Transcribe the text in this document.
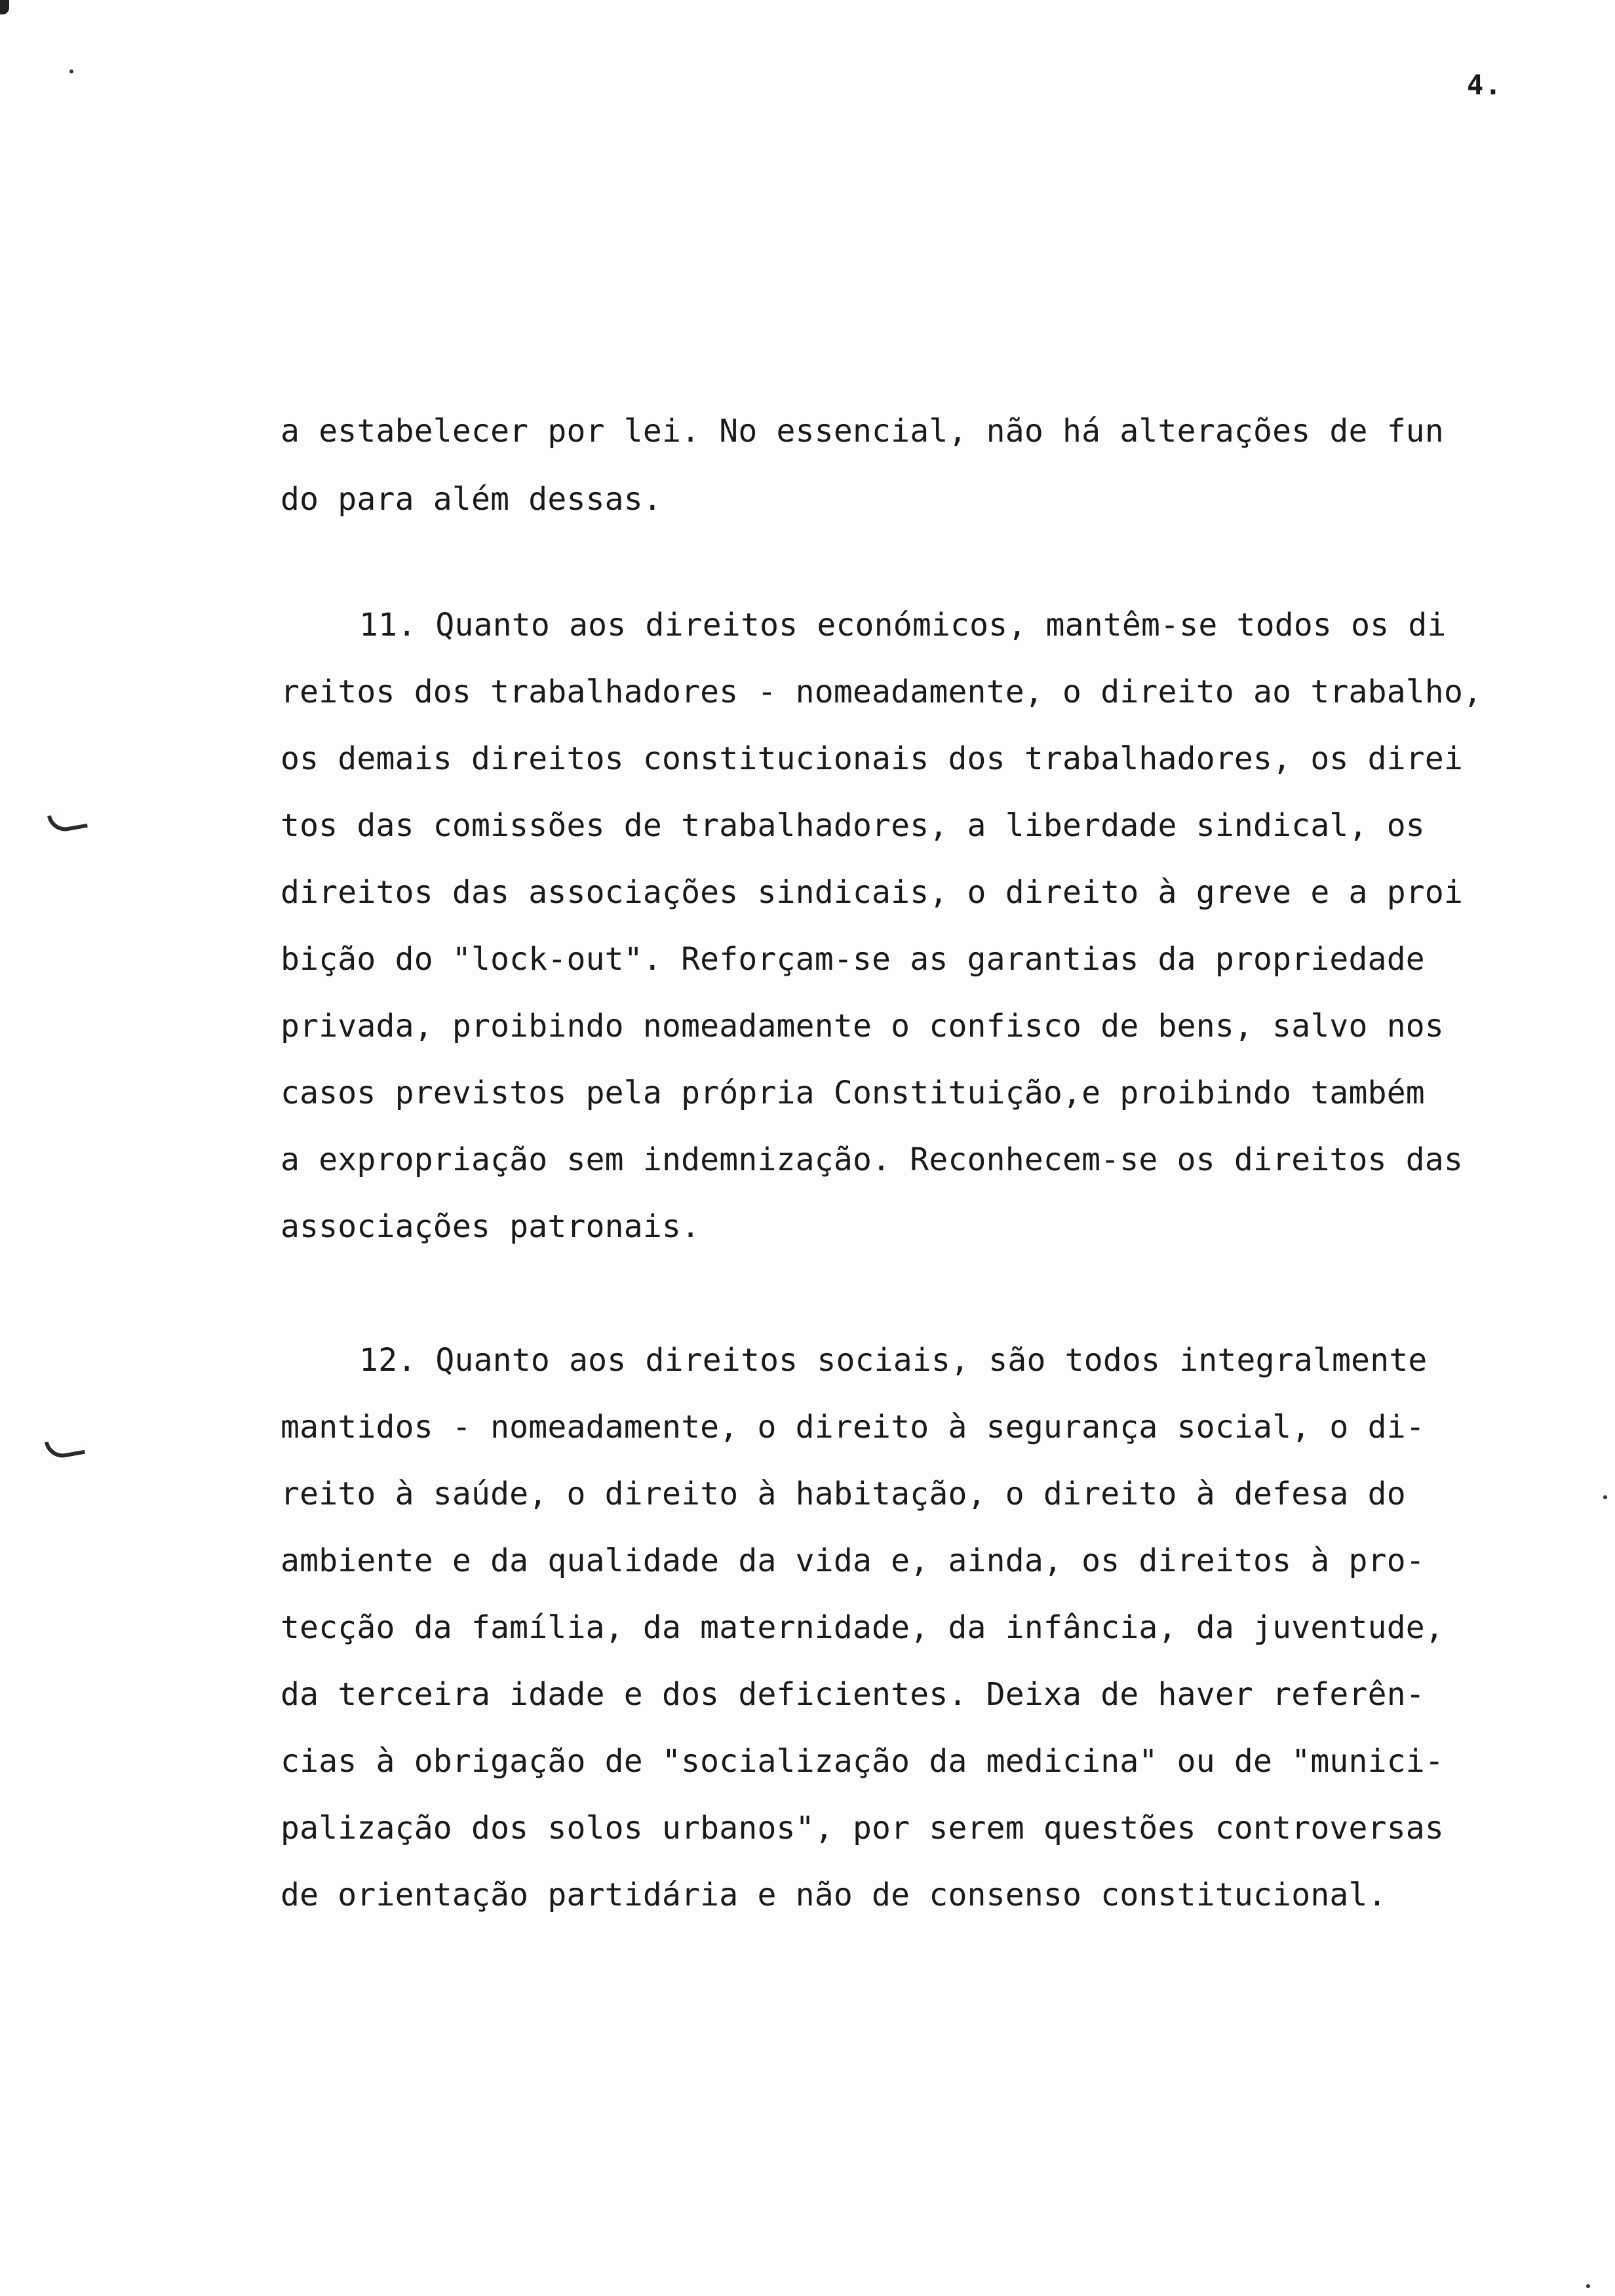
4.
a estabelecer por lei. No essencial, não há alterações de fun
do para além dessas.
11. Quanto aos direitos económicos, mantêm-se todos os di
reitos dos trabalhadores - nomeadamente, o direito ao trabalho,
os demais direitos constitucionais dos trabalhadores, os direi
tos das comissões de trabalhadores, a liberdade sindical, os
direitos das associações sindicais, o direito à greve e a proi
bição do "lock-out". Reforçam-se as garantias da propriedade
privada, proibindo nomeadamente o confisco de bens, salvo nos
casos previstos pela própria Constituição,e proibindo também
a expropriação sem indemnização. Reconhecem-se os direitos das
associações patronais.
12. Quanto aos direitos sociais, são todos integralmente
mantidos - nomeadamente, o direito à segurança social, o di-
reito à saúde, o direito à habitação, o direito à defesa do
ambiente e da qualidade da vida e, ainda, os direitos à pro-
tecção da família, da maternidade, da infância, da juventude,
da terceira idade e dos deficientes. Deixa de haver referên-
cias à obrigação de "socialização da medicina" ou de "munici-
palização dos solos urbanos", por serem questões controversas
de orientação partidária e não de consenso constitucional.
